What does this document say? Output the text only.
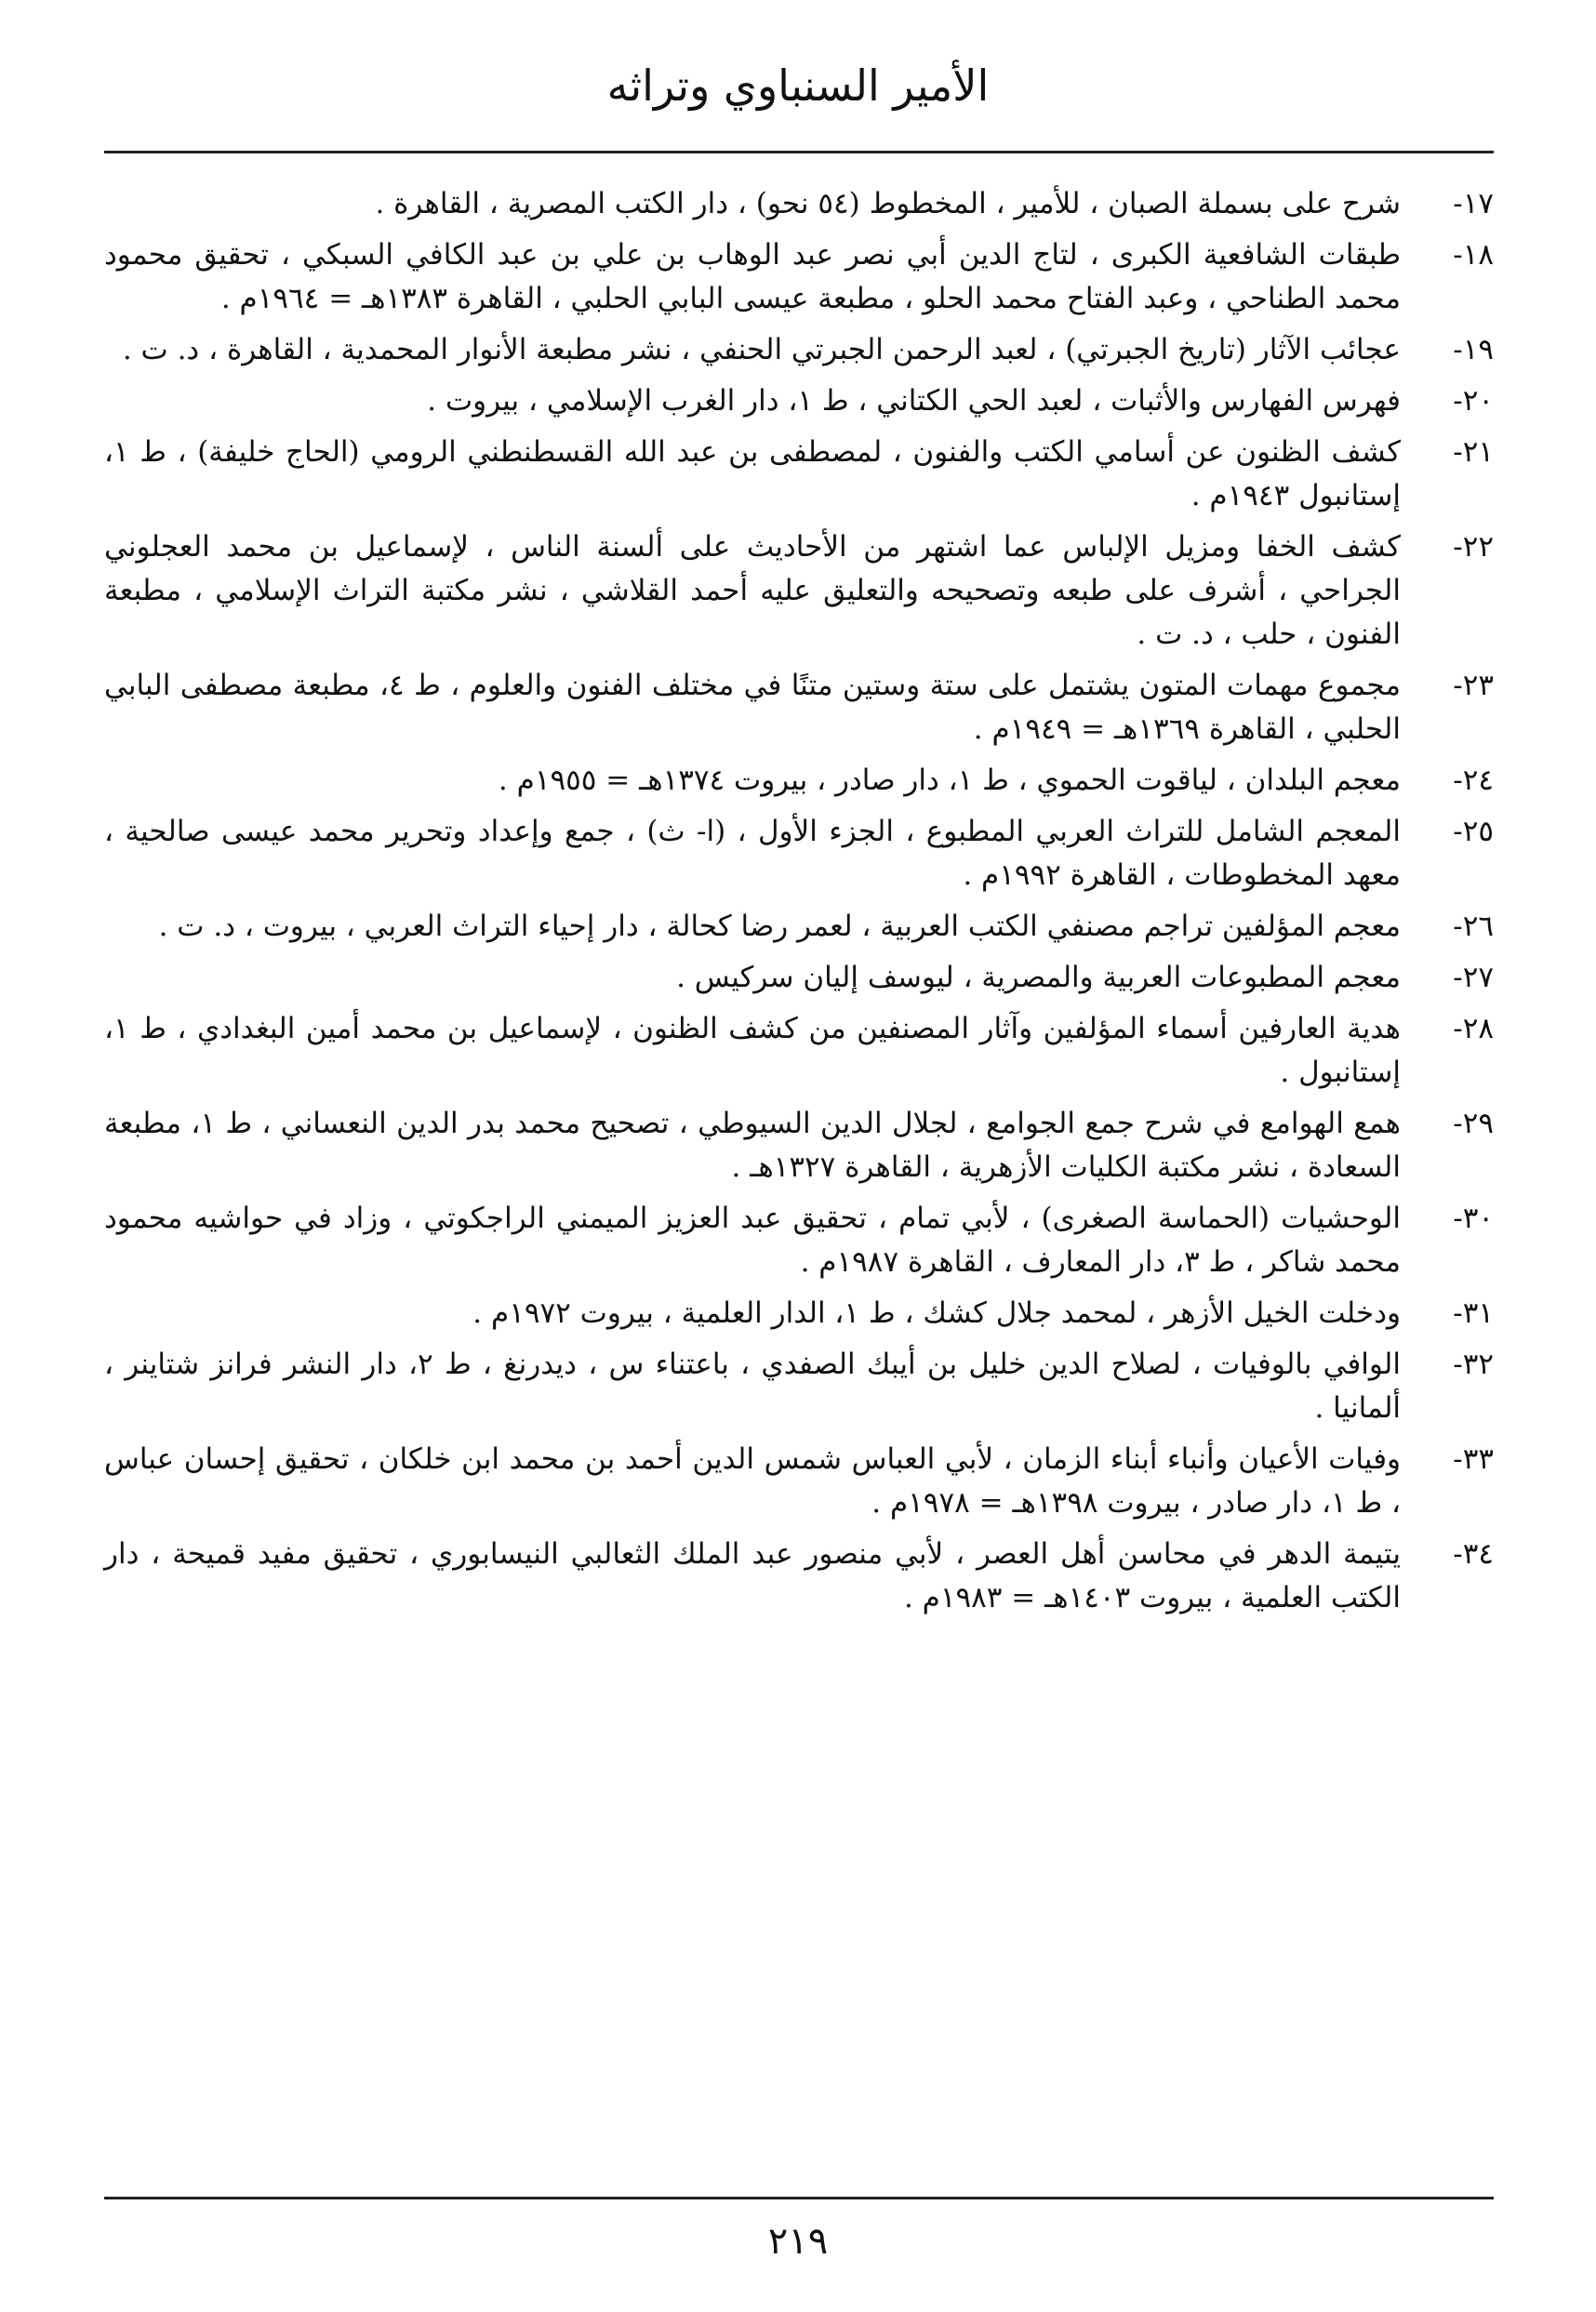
الأمير السنباوي وتراثه
١٧-
شرح على بسملة الصبان ، للأمير ، المخطوط (٥٤ نحو) ، دار الكتب المصرية ، القاهرة .
١٨-
طبقات الشافعية الكبرى ، لتاج الدين أبي نصر عبد الوهاب بن علي بن عبد الكافي السبكي ، تحقيق محمود محمد الطناحي ، وعبد الفتاح محمد الحلو ، مطبعة عيسى البابي الحلبي ، القاهرة ١٣٨٣هـ = ١٩٦٤م .
١٩-
عجائب الآثار (تاريخ الجبرتي) ، لعبد الرحمن الجبرتي الحنفي ، نشر مطبعة الأنوار المحمدية ، القاهرة ، د. ت .
٢٠-
فهرس الفهارس والأثبات ، لعبد الحي الكتاني ، ط ١، دار الغرب الإسلامي ، بيروت .
٢١-
كشف الظنون عن أسامي الكتب والفنون ، لمصطفى بن عبد الله القسطنطني الرومي (الحاج خليفة) ، ط ١، إستانبول ١٩٤٣م .
٢٢-
كشف الخفا ومزيل الإلباس عما اشتهر من الأحاديث على ألسنة الناس ، لإسماعيل بن محمد العجلوني الجراحي ، أشرف على طبعه وتصحيحه والتعليق عليه أحمد القلاشي ، نشر مكتبة التراث الإسلامي ، مطبعة الفنون ، حلب ، د. ت .
٢٣-
مجموع مهمات المتون يشتمل على ستة وستين متنًا في مختلف الفنون والعلوم ، ط ٤، مطبعة مصطفى البابي الحلبي ، القاهرة ١٣٦٩هـ = ١٩٤٩م .
٢٤-
معجم البلدان ، لياقوت الحموي ، ط ١، دار صادر ، بيروت ١٣٧٤هـ = ١٩٥٥م .
٢٥-
المعجم الشامل للتراث العربي المطبوع ، الجزء الأول ، (ا- ث) ، جمع وإعداد وتحرير محمد عيسى صالحية ، معهد المخطوطات ، القاهرة ١٩٩٢م .
٢٦-
معجم المؤلفين تراجم مصنفي الكتب العربية ، لعمر رضا كحالة ، دار إحياء التراث العربي ، بيروت ، د. ت .
٢٧-
معجم المطبوعات العربية والمصرية ، ليوسف إليان سركيس .
٢٨-
هدية العارفين أسماء المؤلفين وآثار المصنفين من كشف الظنون ، لإسماعيل بن محمد أمين البغدادي ، ط ١، إستانبول .
٢٩-
همع الهوامع في شرح جمع الجوامع ، لجلال الدين السيوطي ، تصحيح محمد بدر الدين النعساني ، ط ١، مطبعة السعادة ، نشر مكتبة الكليات الأزهرية ، القاهرة ١٣٢٧هـ .
٣٠-
الوحشيات (الحماسة الصغرى) ، لأبي تمام ، تحقيق عبد العزيز الميمني الراجكوتي ، وزاد في حواشيه محمود محمد شاكر ، ط ٣، دار المعارف ، القاهرة ١٩٨٧م .
٣١-
ودخلت الخيل الأزهر ، لمحمد جلال كشك ، ط ١، الدار العلمية ، بيروت ١٩٧٢م .
٣٢-
الوافي بالوفيات ، لصلاح الدين خليل بن أيبك الصفدي ، باعتناء س ، ديدرنغ ، ط ٢، دار النشر فرانز شتاينر ، ألمانيا .
٣٣-
وفيات الأعيان وأنباء أبناء الزمان ، لأبي العباس شمس الدين أحمد بن محمد ابن خلكان ، تحقيق إحسان عباس ، ط ١، دار صادر ، بيروت ١٣٩٨هـ = ١٩٧٨م .
٣٤-
يتيمة الدهر في محاسن أهل العصر ، لأبي منصور عبد الملك الثعالبي النيسابوري ، تحقيق مفيد قميحة ، دار الكتب العلمية ، بيروت ١٤٠٣هـ = ١٩٨٣م .
٢١٩
